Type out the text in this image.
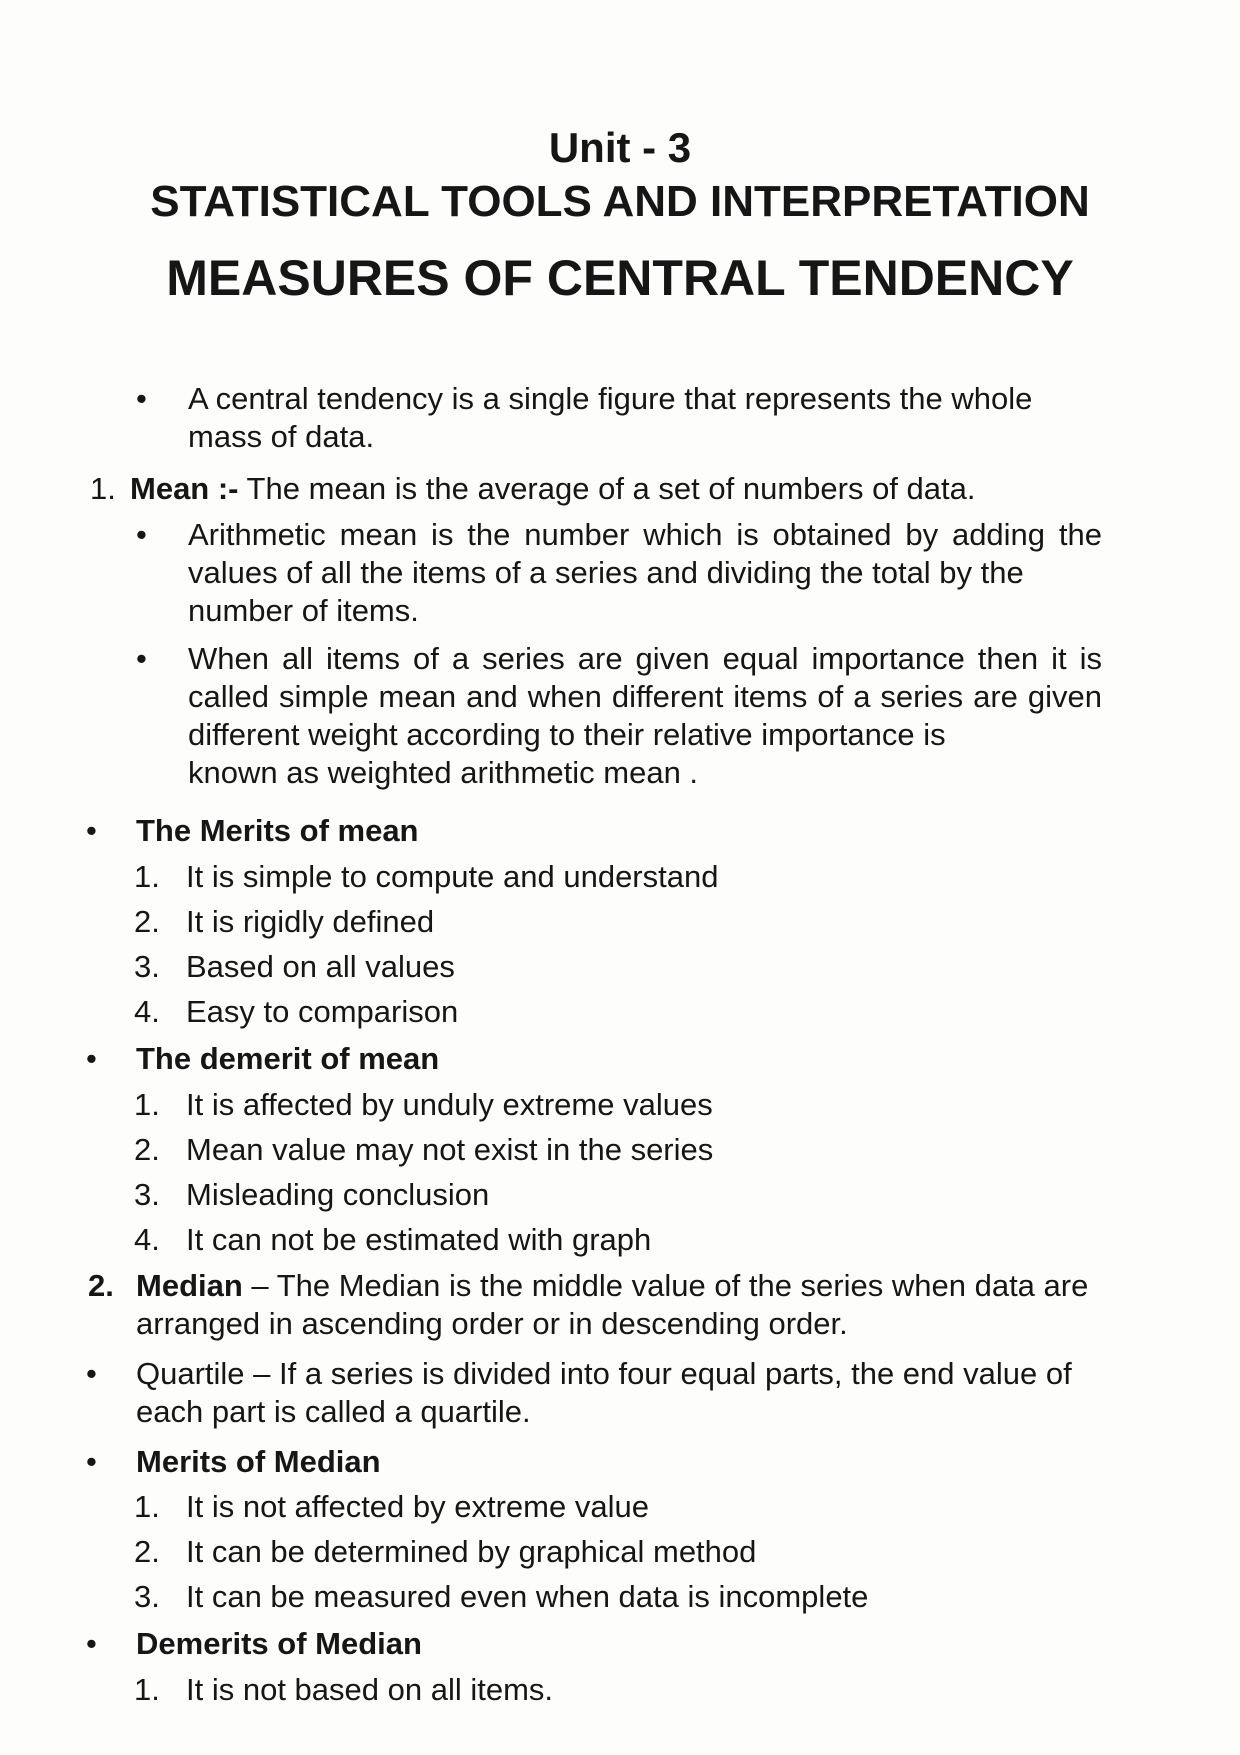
Unit - 3
STATISTICAL TOOLS AND INTERPRETATION
MEASURES OF CENTRAL TENDENCY
• A central tendency is a single figure that represents the whole
mass of data.
1. Mean :- The mean is the average of a set of numbers of data.
• Arithmetic mean is the number which is obtained by adding the values of all the items of a series and dividing the total by the
number of items.
• When all items of a series are given equal importance then it is called simple mean and when different items of a series are given different weight according to their relative importance is
known as weighted arithmetic mean .
• The Merits of mean
1. It is simple to compute and understand
2. It is rigidly defined
3. Based on all values
4. Easy to comparison
• The demerit of mean
1. It is affected by unduly extreme values
2. Mean value may not exist in the series
3. Misleading conclusion
4. It can not be estimated with graph
2. Median – The Median is the middle value of the series when data are
arranged in ascending order or in descending order.
• Quartile – If a series is divided into four equal parts, the end value of
each part is called a quartile.
• Merits of Median
1. It is not affected by extreme value
2. It can be determined by graphical method
3. It can be measured even when data is incomplete
• Demerits of Median
1. It is not based on all items.
